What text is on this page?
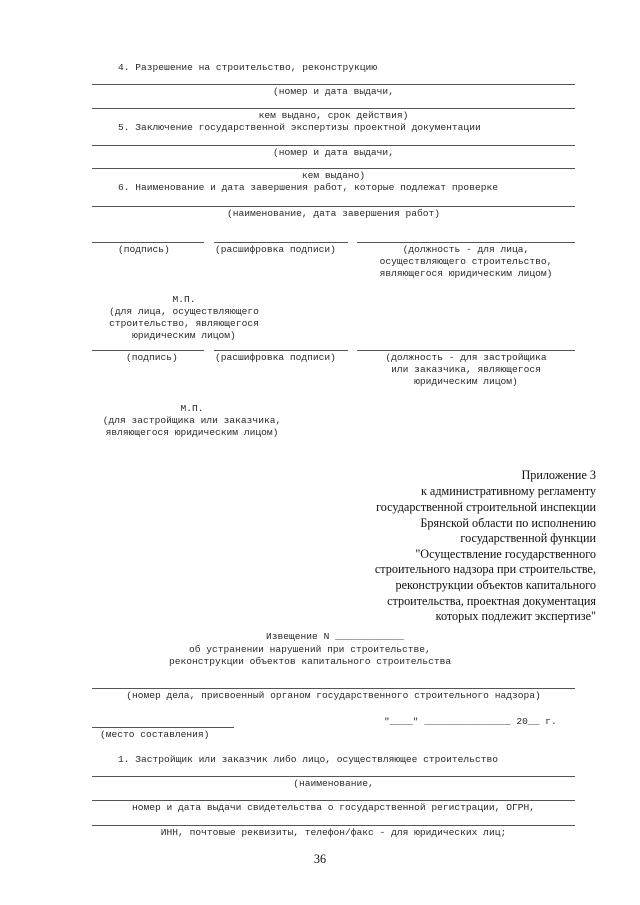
4. Разрешение на строительство, реконструкцию
(номер и дата выдачи,
кем выдано, срок действия)
5. Заключение государственной экспертизы проектной документации
(номер и дата выдачи,
кем выдано)
6. Наименование и дата завершения работ, которые подлежат проверке
(наименование, дата завершения работ)
(подпись)	(расшифровка подписи)	(должность - для лица,
осуществляющего строительство,
являющегося юридическим лицом)
М.П.
(для лица, осуществляющего
строительство, являющегося
юридическим лицом)
(подпись)	(расшифровка подписи)	(должность - для застройщика
или заказчика, являющегося
юридическим лицом)
М.П.
(для застройщика или заказчика,
являющегося юридическим лицом)
Приложение 3
к административному регламенту
государственной строительной инспекции
Брянской области по исполнению
государственной функции
"Осуществление государственного
строительного надзора при строительстве,
реконструкции объектов капитального
строительства, проектная документация
которых подлежит экспертизе"
Извещение N ____________
об устранении нарушений при строительстве,
реконструкции объектов капитального строительства
(номер дела, присвоенный органом государственного строительного надзора)
"____" _______________ 20__ г.
(место составления)
1. Застройщик или заказчик либо лицо, осуществляющее строительство
(наименование,
номер и дата выдачи свидетельства о государственной регистрации, ОГРН,
ИНН, почтовые реквизиты, телефон/факс - для юридических лиц;
36
